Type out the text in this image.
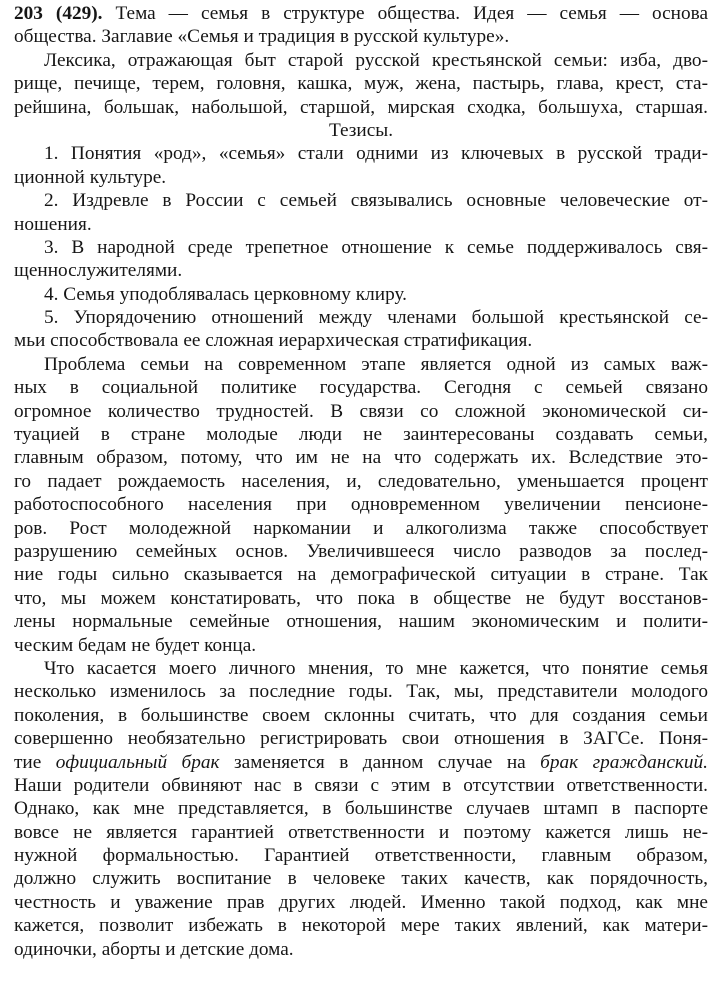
203 (429). Тема — семья в структуре общества. Идея — семья — основа
общества. Заглавие «Семья и традиция в русской культуре».
Лексика, отражающая быт старой русской крестьянской семьи: изба, дво-
рище, печище, терем, головня, кашка, муж, жена, пастырь, глава, крест, ста-
рейшина, большак, набольшой, старшой, мирская сходка, большуха, старшая.
Тезисы.
1. Понятия «род», «семья» стали одними из ключевых в русской тради-
ционной культуре.
2. Издревле в России с семьей связывались основные человеческие от-
ношения.
3. В народной среде трепетное отношение к семье поддерживалось свя-
щеннослужителями.
4. Семья уподоблявалась церковному клиру.
5. Упорядочению отношений между членами большой крестьянской се-
мьи способствовала ее сложная иерархическая стратификация.
Проблема семьи на современном этапе является одной из самых важ-
ных в социальной политике государства. Сегодня с семьей связано
огромное количество трудностей. В связи со сложной экономической си-
туацией в стране молодые люди не заинтересованы создавать семьи,
главным образом, потому, что им не на что содержать их. Вследствие это-
го падает рождаемость населения, и, следовательно, уменьшается процент
работоспособного населения при одновременном увеличении пенсионе-
ров. Рост молодежной наркомании и алкоголизма также способствует
разрушению семейных основ. Увеличившееся число разводов за послед‑
ние годы сильно сказывается на демографической ситуации в стране. Так
что, мы можем констатировать, что пока в обществе не будут восстанов-
лены нормальные семейные отношения, нашим экономическим и полити-
ческим бедам не будет конца.
Что касается моего личного мнения, то мне кажется, что понятие семья
несколько изменилось за последние годы. Так, мы, представители молодого
поколения, в большинстве своем склонны считать, что для создания семьи
совершенно необязательно регистрировать свои отношения в ЗАГСе. Поня-
тие официальный брак заменяется в данном случае на брак гражданский.
Наши родители обвиняют нас в связи с этим в отсутствии ответственности.
Однако, как мне представляется, в большинстве случаев штамп в паспорте
вовсе не является гарантией ответственности и поэтому кажется лишь не-
нужной формальностью. Гарантией ответственности, главным образом,
должно служить воспитание в человеке таких качеств, как порядочность,
честность и уважение прав других людей. Именно такой подход, как мне
кажется, позволит избежать в некоторой мере таких явлений, как матери-
одиночки, аборты и детские дома.
